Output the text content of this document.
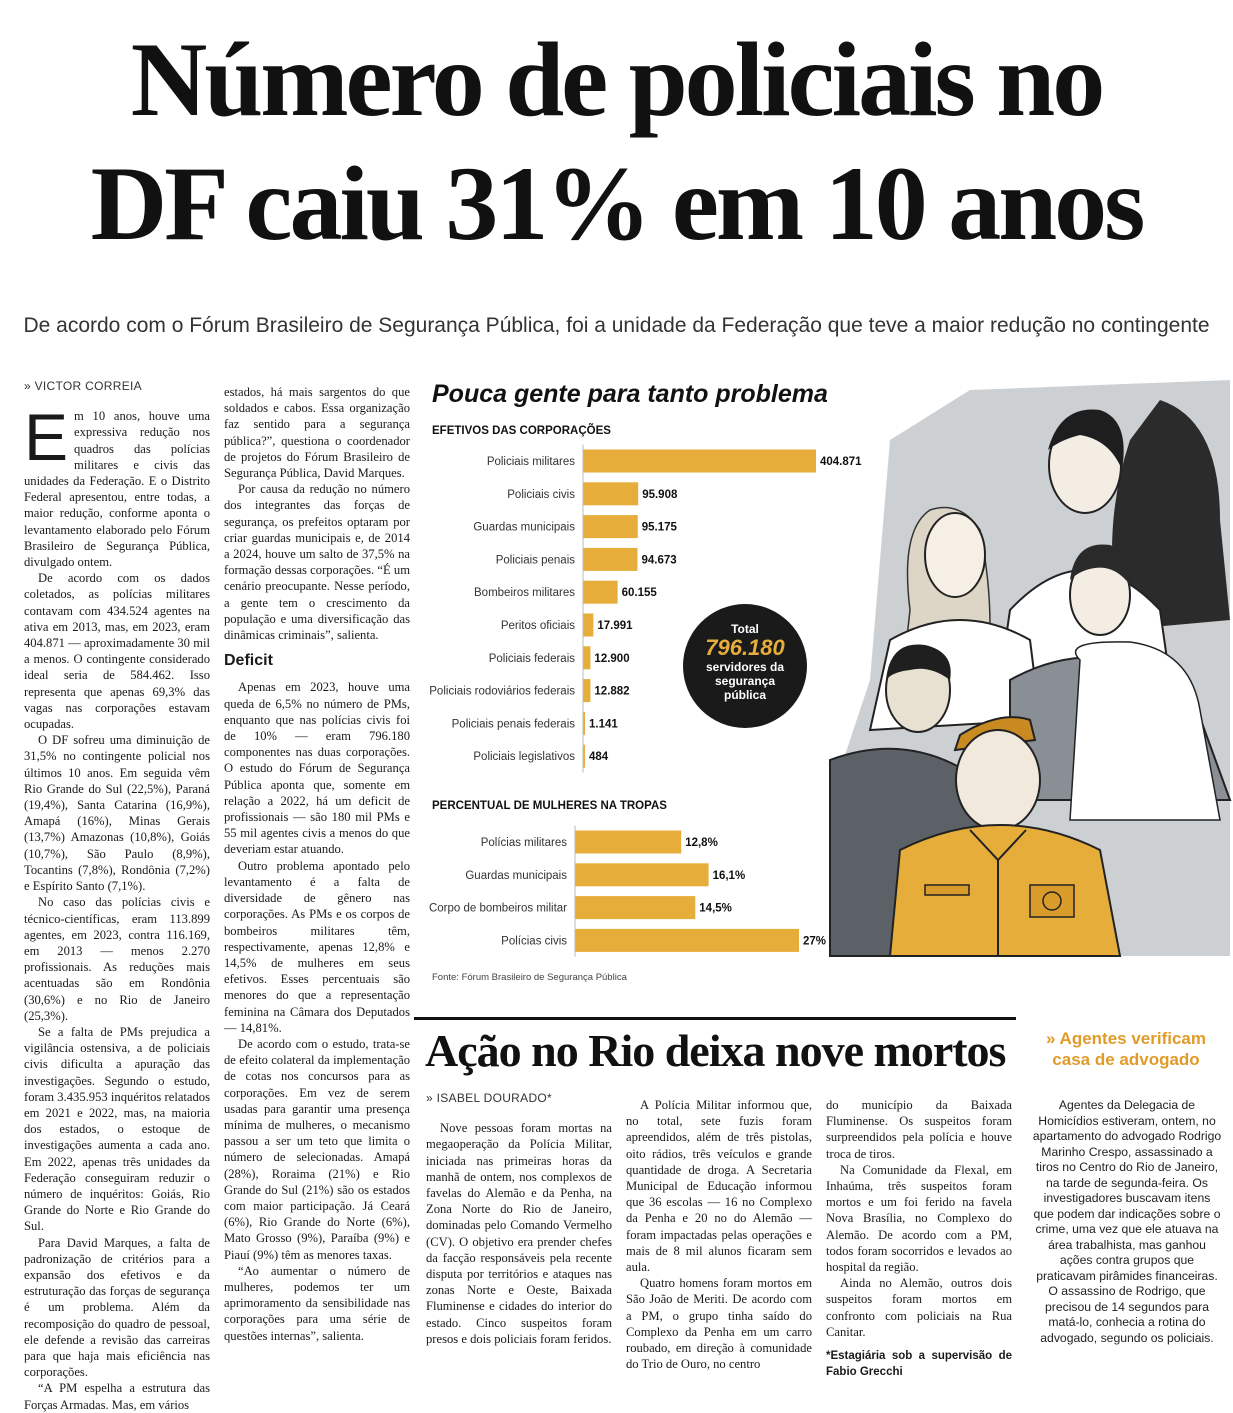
Número de policiais no
DF caiu 31% em 10 anos
De acordo com o Fórum Brasileiro de Segurança Pública, foi a unidade da Federação que teve a maior redução no contingente
» VICTOR CORREIA

Em 10 anos, houve uma expressiva redução nos quadros das polícias militares e civis das unidades da Federação. E o Distrito Federal apresentou, entre todas, a maior redução, conforme aponta o levantamento elaborado pelo Fórum Brasileiro de Segurança Pública, divulgado ontem.

De acordo com os dados coletados, as polícias militares contavam com 434.524 agentes na ativa em 2013, mas, em 2023, eram 404.871 — aproximadamente 30 mil a menos. O contingente considerado ideal seria de 584.462. Isso representa que apenas 69,3% das vagas nas corporações estavam ocupadas.

O DF sofreu uma diminuição de 31,5% no contingente policial nos últimos 10 anos. Em seguida vêm Rio Grande do Sul (22,5%), Paraná (19,4%), Santa Catarina (16,9%), Amapá (16%), Minas Gerais (13,7%) Amazonas (10,8%), Goiás (10,7%), São Paulo (8,9%), Tocantins (7,8%), Rondônia (7,2%) e Espírito Santo (7,1%).

No caso das polícias civis e técnico-científicas, eram 113.899 agentes, em 2023, contra 116.169, em 2013 — menos 2.270 profissionais. As reduções mais acentuadas são em Rondônia (30,6%) e no Rio de Janeiro (25,3%).

Se a falta de PMs prejudica a vigilância ostensiva, a de policiais civis dificulta a apuração das investigações. Segundo o estudo, foram 3.435.953 inquéritos relatados em 2021 e 2022, mas, na maioria dos estados, o estoque de investigações aumenta a cada ano. Em 2022, apenas três unidades da Federação conseguiram reduzir o número de inquéritos: Goiás, Rio Grande do Norte e Rio Grande do Sul.

Para David Marques, a falta de padronização de critérios para a expansão dos efetivos e da estruturação das forças de segurança é um problema. Além da recomposição do quadro de pessoal, ele defende a revisão das carreiras para que haja mais eficiência nas corporações.

“A PM espelha a estrutura das Forças Armadas. Mas, em vários

estados, há mais sargentos do que soldados e cabos. Essa organização faz sentido para a segurança pública?”, questiona o coordenador de projetos do Fórum Brasileiro de Segurança Pública, David Marques.

Por causa da redução no número dos integrantes das forças de segurança, os prefeitos optaram por criar guardas municipais e, de 2014 a 2024, houve um salto de 37,5% na formação dessas corporações. “É um cenário preocupante. Nesse período, a gente tem o crescimento da população e uma diversificação das dinâmicas criminais”, salienta.

Deficit

Apenas em 2023, houve uma queda de 6,5% no número de PMs, enquanto que nas polícias civis foi de 10% — eram 796.180 componentes nas duas corporações. O estudo do Fórum de Segurança Pública aponta que, somente em relação a 2022, há um deficit de profissionais — são 180 mil PMs e 55 mil agentes civis a menos do que deveriam estar atuando.

Outro problema apontado pelo levantamento é a falta de diversidade de gênero nas corporações. As PMs e os corpos de bombeiros militares têm, respectivamente, apenas 12,8% e 14,5% de mulheres em seus efetivos. Esses percentuais são menores do que a representação feminina na Câmara dos Deputados — 14,81%.

De acordo com o estudo, trata-se de efeito colateral da implementação de cotas nos concursos para as corporações. Em vez de serem usadas para garantir uma presença mínima de mulheres, o mecanismo passou a ser um teto que limita o número de selecionadas. Amapá (28%), Roraima (21%) e Rio Grande do Sul (21%) são os estados com maior participação. Já Ceará (6%), Rio Grande do Norte (6%), Mato Grosso (9%), Paraíba (9%) e Piauí (9%) têm as menores taxas.

“Ao aumentar o número de mulheres, podemos ter um aprimoramento da sensibilidade nas corporações para uma série de questões internas”, salienta.

Pouca gente para tanto problema
EFETIVOS DAS CORPORAÇÕES
Policiais militares	404.871
Policiais civis	95.908
Guardas municipais	95.175
Policiais penais	94.673
Bombeiros militares	60.155
Peritos oficiais 17.991
Policiais federais 12.900
Policiais rodoviários federais 12.882
Policiais penais federais 1.141
Policiais legislativos 484
Total
796.180
servidores da segurança pública
PERCENTUAL DE MULHERES NA TROPAS
Polícias militares	12,8%
Guardas municipais	16,1%
Corpo de bombeiros militar	14,5%
Polícias civis	27%
Fonte: Fórum Brasileiro de Segurança Pública
Ação no Rio deixa nove mortos
» ISABEL DOURADO*

Nove pessoas foram mortas na megaoperação da Polícia Militar, iniciada nas primeiras horas da manhã de ontem, nos complexos de favelas do Alemão e da Penha, na Zona Norte do Rio de Janeiro, dominadas pelo Comando Vermelho (CV). O objetivo era prender chefes da facção responsáveis pela recente disputa por territórios e ataques nas zonas Norte e Oeste, Baixada Fluminense e cidades do interior do estado. Cinco suspeitos foram presos e dois policiais foram feridos.

A Polícia Militar informou que, no total, sete fuzis foram apreendidos, além de três pistolas, oito rádios, três veículos e grande quantidade de droga. A Secretaria Municipal de Educação informou que 36 escolas — 16 no Complexo da Penha e 20 no do Alemão — foram impactadas pelas operações e mais de 8 mil alunos ficaram sem aula.

Quatro homens foram mortos em São João de Meriti. De acordo com a PM, o grupo tinha saído do Complexo da Penha em um carro roubado, em direção à comunidade do Trio de Ouro, no centro

do município da Baixada Fluminense. Os suspeitos foram surpreendidos pela polícia e houve troca de tiros.

Na Comunidade da Flexal, em Inhaúma, três suspeitos foram mortos e um foi ferido na favela Nova Brasília, no Complexo do Alemão. De acordo com a PM, todos foram socorridos e levados ao hospital da região.

Ainda no Alemão, outros dois suspeitos foram mortos em confronto com policiais na Rua Canitar.

*Estagiária sob a supervisão de Fabio Grecchi

» Agentes verificam casa de advogado
Agentes da Delegacia de Homicídios estiveram, ontem, no apartamento do advogado Rodrigo Marinho Crespo, assassinado a tiros no Centro do Rio de Janeiro, na tarde de segunda-feira. Os investigadores buscavam itens que podem dar indicações sobre o crime, uma vez que ele atuava na área trabalhista, mas ganhou ações contra grupos que praticavam pirâmides financeiras. O assassino de Rodrigo, que precisou de 14 segundos para matá-lo, conhecia a rotina do advogado, segundo os policiais.
